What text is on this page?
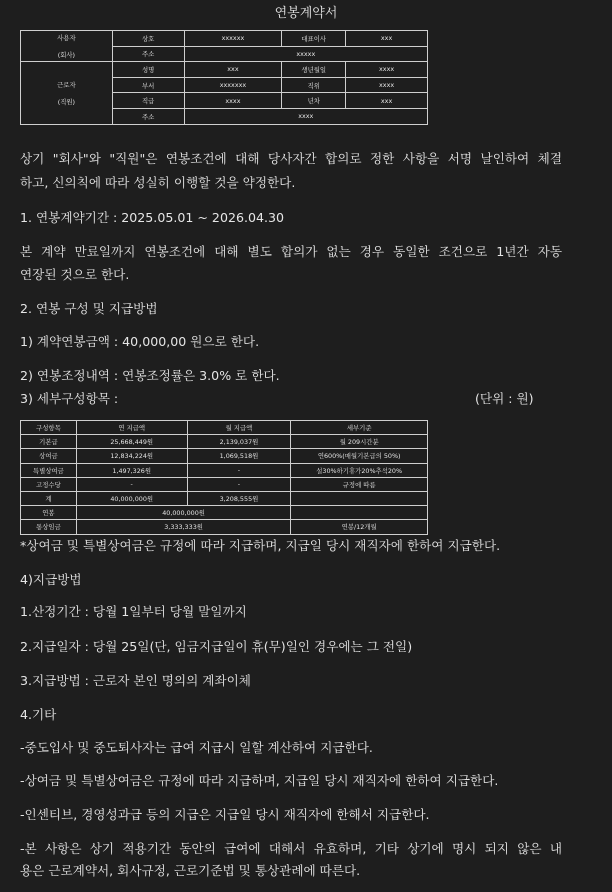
연봉계약서
사용자

(회사)	상호	xxxxxx	대표이사	xxx
	주소	xxxxx		
근로자

(직원)	성명	xxx	생년월일	xxxx
	부서	xxxxxxx	직위	xxxx
	직급	xxxx	년차	xxx
	주소	xxxx		
상기 "회사"와 "직원"은 연봉조건에 대해 당사자간 합의로 정한 사항을 서명 날인하여 체결
하고, 신의칙에 따라 성실히 이행할 것을 약정한다.
1. 연봉계약기간 : 2025.05.01 ~ 2026.04.30
본 계약 만료일까지 연봉조건에 대해 별도 합의가 없는 경우 동일한 조건으로 1년간 자동
연장된 것으로 한다.
2. 연봉 구성 및 지급방법
1) 계약연봉금액 : 40,000,00 원으로 한다.
2) 연봉조정내역 : 연봉조정률은 3.0% 로 한다.
3) 세부구성항목 :	(단위 : 원)
구성항목	연 지급액	월 지급액	세부기준
기본급	25,668,449원	2,139,037원	월 209시간분
상여금	12,834,224원	1,069,518원	연600%(매월기본급의 50%)
특별상여금	1,497,326원	-	설30%하기휴가20%추석20%
고정수당	-	-	규정에 따름
계	40,000,000원	3,208,555원	
연봉	40,000,000원		
통상임금	3,333,333원		연봉/12개월
*상여금 및 특별상여금은 규정에 따라 지급하며, 지급일 당시 재직자에 한하여 지급한다.
4)지급방법
1.산정기간 : 당월 1일부터 당월 말일까지
2.지급일자 : 당월 25일(단, 임금지급일이 휴(무)일인 경우에는 그 전일)
3.지급방법 : 근로자 본인 명의의 계좌이체
4.기타
-중도입사 및 중도퇴사자는 급여 지급시 일할 계산하여 지급한다.
-상여금 및 특별상여금은 규정에 따라 지급하며, 지급일 당시 재직자에 한하여 지급한다.
-인센티브, 경영성과급 등의 지급은 지급일 당시 재직자에 한해서 지급한다.
-본 사항은 상기 적용기간 동안의 급여에 대해서 유효하며, 기타 상기에 명시 되지 않은 내
용은 근로계약서, 회사규정, 근로기준법 및 통상관례에 따른다.
